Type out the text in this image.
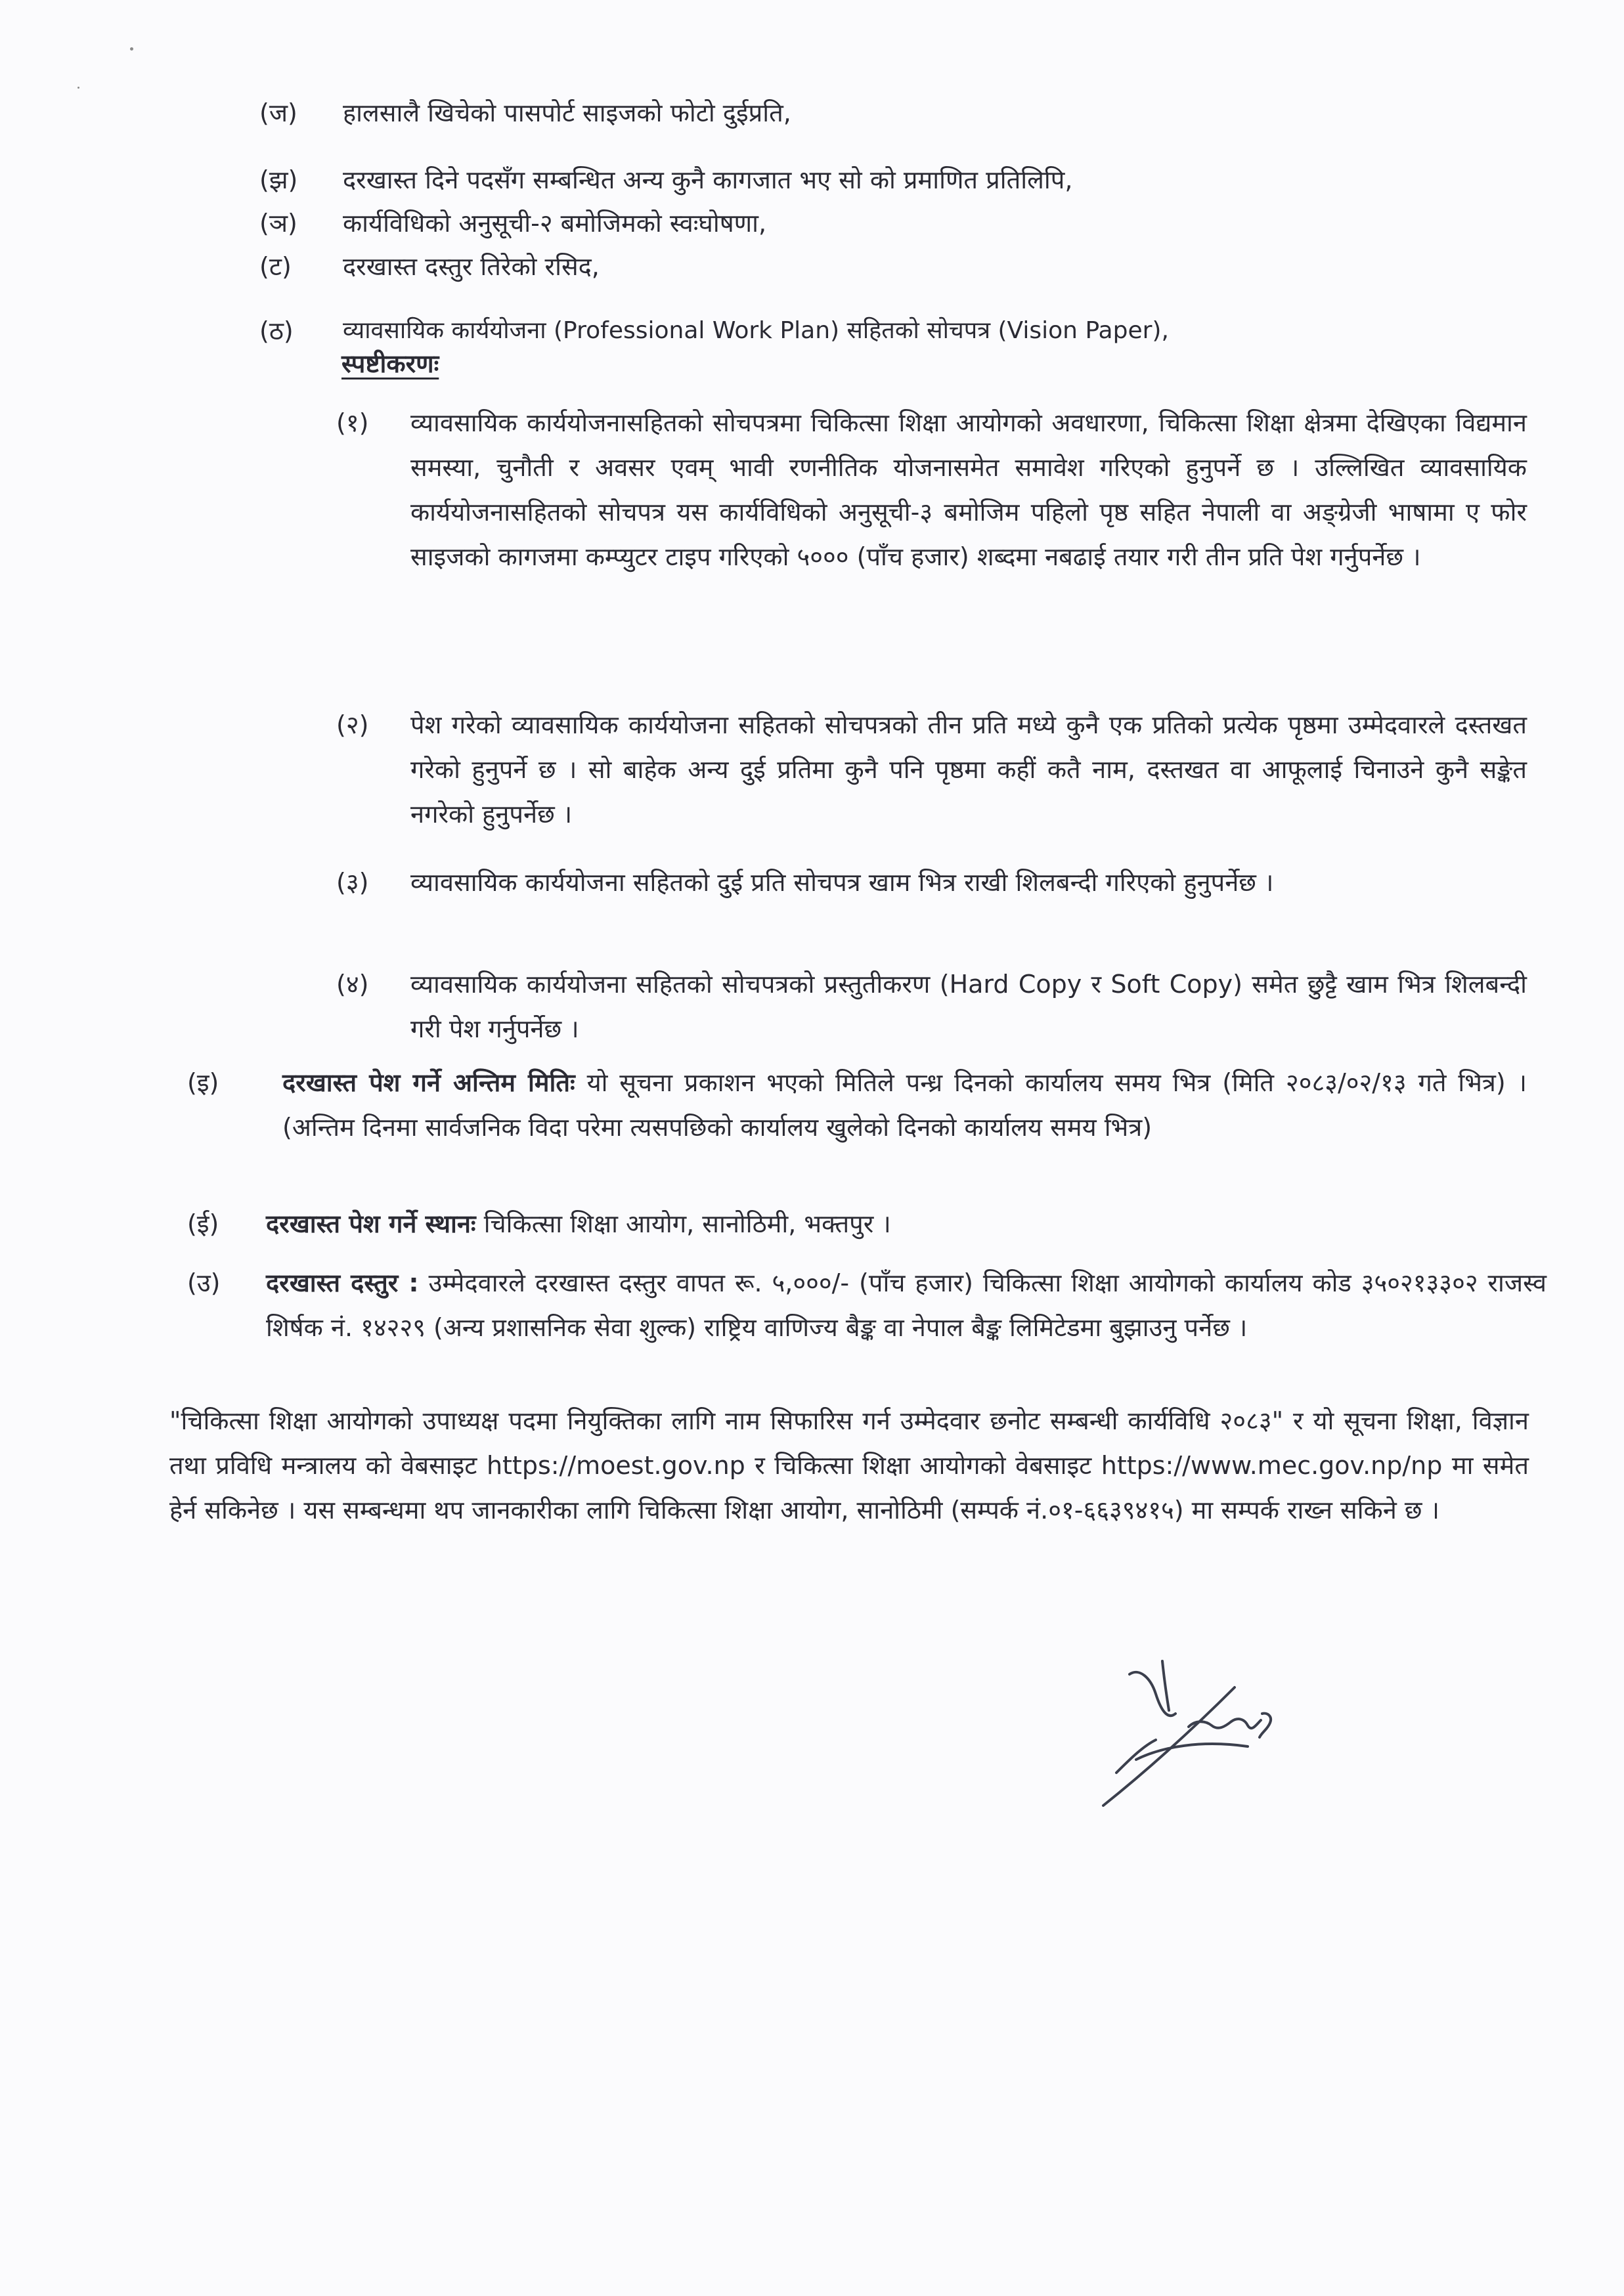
(ज) हालसालै खिचेको पासपोर्ट साइजको फोटो दुईप्रति,
(झ) दरखास्त दिने पदसँग सम्बन्धित अन्य कुनै कागजात भए सो को प्रमाणित प्रतिलिपि,
(ञ) कार्यविधिको अनुसूची-२ बमोजिमको स्वःघोषणा,
(ट) दरखास्त दस्तुर तिरेको रसिद,
(ठ) व्यावसायिक कार्ययोजना (Professional Work Plan) सहितको सोचपत्र (Vision Paper),
स्पष्टीकरणः
(१) व्यावसायिक कार्ययोजनासहितको सोचपत्रमा चिकित्सा शिक्षा आयोगको अवधारणा, चिकित्सा शिक्षा क्षेत्रमा देखिएका विद्यमान समस्या, चुनौती र अवसर एवम् भावी रणनीतिक योजनासमेत समावेश गरिएको हुनुपर्ने छ । उल्लिखित व्यावसायिक कार्ययोजनासहितको सोचपत्र यस कार्यविधिको अनुसूची-३ बमोजिम पहिलो पृष्ठ सहित नेपाली वा अङ्ग्रेजी भाषामा ए फोर साइजको कागजमा कम्प्युटर टाइप गरिएको ५००० (पाँच हजार) शब्दमा नबढाई तयार गरी तीन प्रति पेश गर्नुपर्नेछ ।
(२) पेश गरेको व्यावसायिक कार्ययोजना सहितको सोचपत्रको तीन प्रति मध्ये कुनै एक प्रतिको प्रत्येक पृष्ठमा उम्मेदवारले दस्तखत गरेको हुनुपर्ने छ । सो बाहेक अन्य दुई प्रतिमा कुनै पनि पृष्ठमा कहीं कतै नाम, दस्तखत वा आफूलाई चिनाउने कुनै सङ्केत नगरेको हुनुपर्नेछ ।
(३) व्यावसायिक कार्ययोजना सहितको दुई प्रति सोचपत्र खाम भित्र राखी शिलबन्दी गरिएको हुनुपर्नेछ ।
(४) व्यावसायिक कार्ययोजना सहितको सोचपत्रको प्रस्तुतीकरण (Hard Copy र Soft Copy) समेत छुट्टै खाम भित्र शिलबन्दी गरी पेश गर्नुपर्नेछ ।
(इ)	दरखास्त पेश गर्ने अन्तिम मितिः यो सूचना प्रकाशन भएको मितिले पन्ध्र दिनको कार्यालय समय भित्र (मिति २०८३/०२/१३ गते भित्र) । (अन्तिम दिनमा सार्वजनिक विदा परेमा त्यसपछिको कार्यालय खुलेको दिनको कार्यालय समय भित्र)
(ई) दरखास्त पेश गर्ने स्थानः चिकित्सा शिक्षा आयोग, सानोठिमी, भक्तपुर ।
(उ) दरखास्त दस्तुर : उम्मेदवारले दरखास्त दस्तुर वापत रू. ५,०००/- (पाँच हजार) चिकित्सा शिक्षा आयोगको कार्यालय कोड ३५०२१३३०२ राजस्व शिर्षक नं. १४२२९ (अन्य प्रशासनिक सेवा शुल्क) राष्ट्रिय वाणिज्य बैङ्क वा नेपाल बैङ्क लिमिटेडमा बुझाउनु पर्नेछ ।
"चिकित्सा शिक्षा आयोगको उपाध्यक्ष पदमा नियुक्तिका लागि नाम सिफारिस गर्न उम्मेदवार छनोट सम्बन्धी कार्यविधि २०८३" र यो सूचना शिक्षा, विज्ञान तथा प्रविधि मन्त्रालय को वेबसाइट https://moest.gov.np र चिकित्सा शिक्षा आयोगको वेबसाइट https://www.mec.gov.np/np मा समेत हेर्न सकिनेछ । यस सम्बन्धमा थप जानकारीका लागि चिकित्सा शिक्षा आयोग, सानोठिमी (सम्पर्क नं.०१-६६३९४१५) मा सम्पर्क राख्न सकिने छ ।
